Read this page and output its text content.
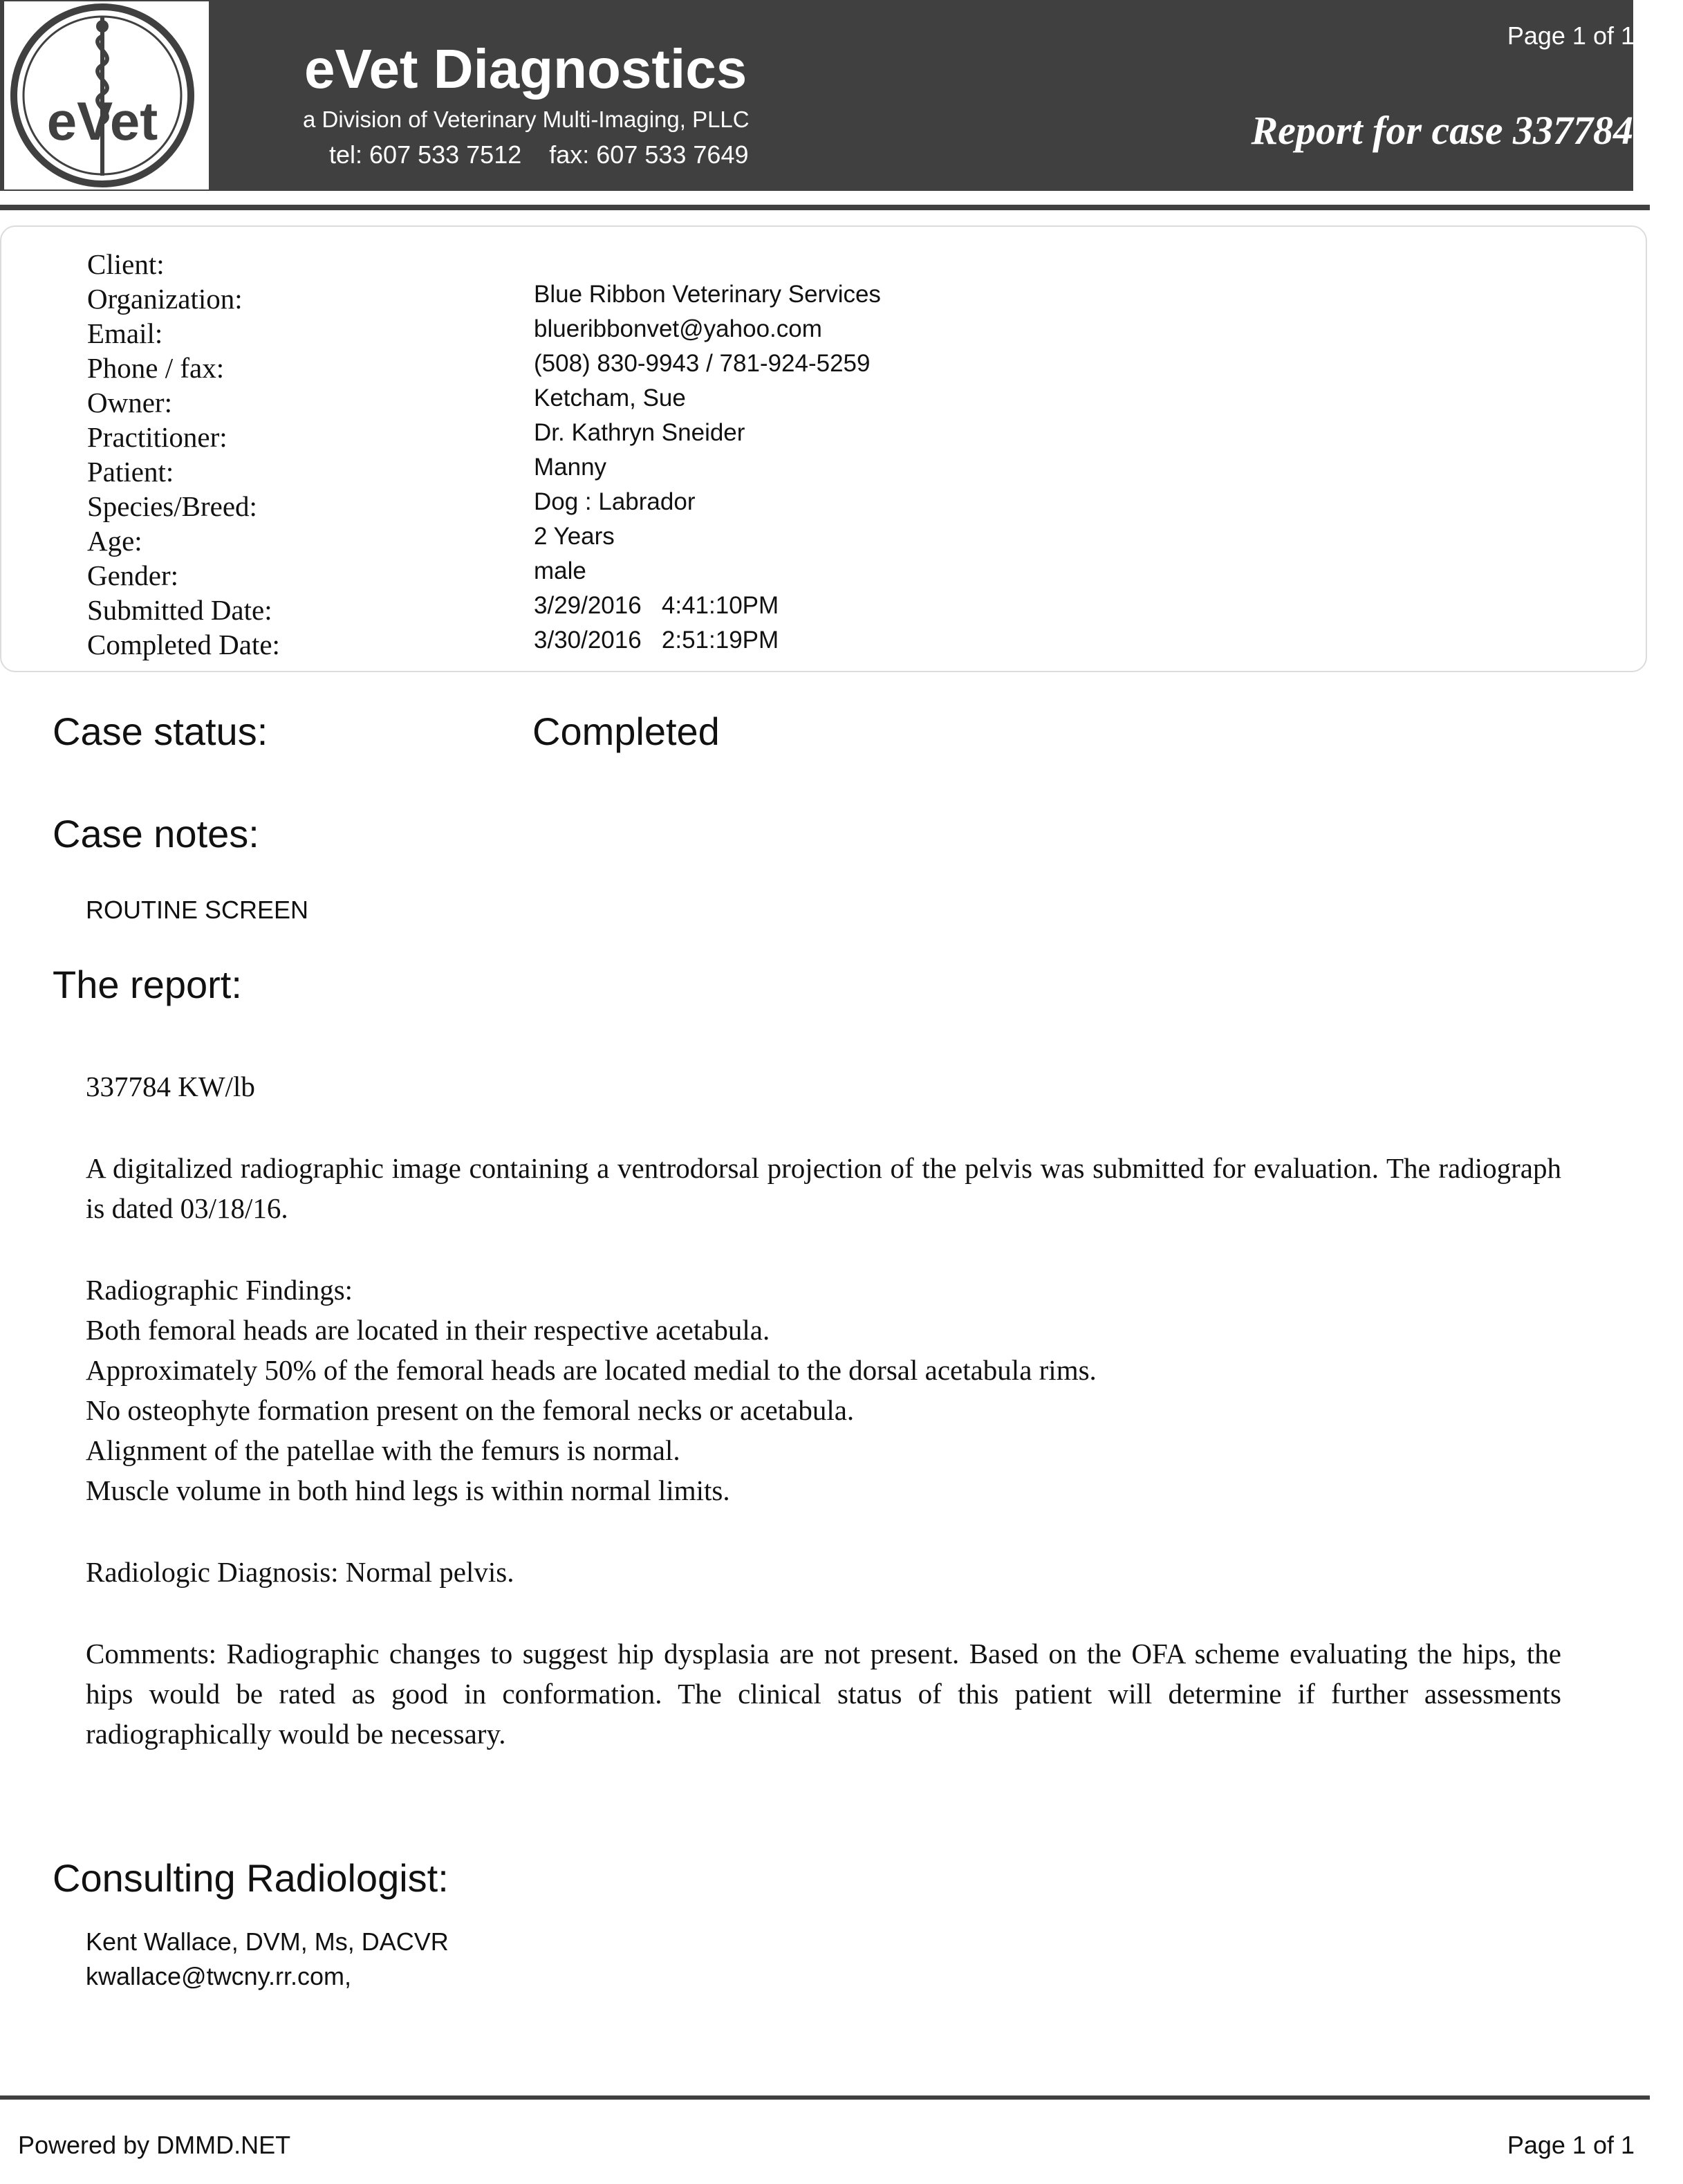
eVet
eVet Diagnostics
a Division of Veterinary Multi-Imaging, PLLC
tel: 607 533 7512    fax: 607 533 7649
Page 1 of 1
Report for case 337784
Client:
Organization:	Blue Ribbon Veterinary Services
Email:	blueribbonvet@yahoo.com
Phone / fax:	(508) 830-9943 / 781-924-5259
Owner:	Ketcham, Sue
Practitioner:	Dr. Kathryn Sneider
Patient:	Manny
Species/Breed:	Dog : Labrador
Age:	2 Years
Gender:	male
Submitted Date:	3/29/2016   4:41:10PM
Completed Date:	3/30/2016   2:51:19PM
Case status:	Completed
Case notes:
ROUTINE SCREEN
The report:
337784 KW/lb
A digitalized radiographic image containing a ventrodorsal projection of the pelvis was submitted for evaluation. The radiograph is dated 03/18/16.
Radiographic Findings:
Both femoral heads are located in their respective acetabula.
Approximately 50% of the femoral heads are located medial to the dorsal acetabula rims.
No osteophyte formation present on the femoral necks or acetabula.
Alignment of the patellae with the femurs is normal.
Muscle volume in both hind legs is within normal limits.
Radiologic Diagnosis: Normal pelvis.
Comments: Radiographic changes to suggest hip dysplasia are not present. Based on the OFA scheme evaluating the hips, the hips would be rated as good in conformation. The clinical status of this patient will determine if further assessments radiographically would be necessary.
Consulting Radiologist:
Kent Wallace, DVM, Ms, DACVR
kwallace@twcny.rr.com,
Powered by DMMD.NET	Page 1 of 1
